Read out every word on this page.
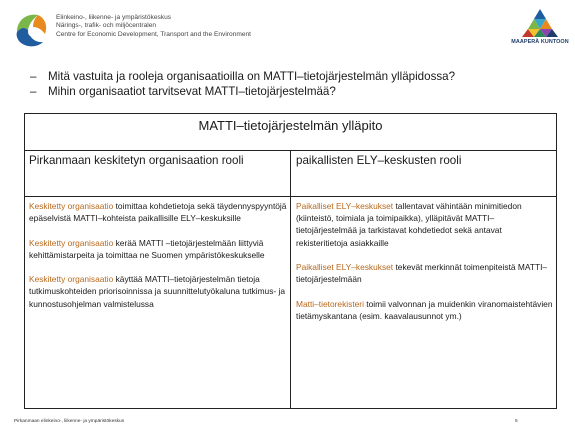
Elinkeino-, liikenne- ja ympäristökeskus
Närings-, trafik- och miljöcentralen
Centre for Economic Development, Transport and the Environment
MAAPERÄ KUNTOON
– Mitä vastuita ja rooleja organisaatioilla on MATTI–tietojärjestelmän ylläpidossa?
– Mihin organisaatiot tarvitsevat MATTI–tietojärjestelmää?
MATTI–tietojärjestelmän ylläpito
Pirkanmaan keskitetyn organisaation rooli	paikallisten ELY–keskusten rooli

Keskitetty organisaatio toimittaa kohdetietoja sekä täydennyspyyntöjä epäselvistä MATTI–kohteista paikallisille ELY–keskuksille

Keskitetty organisaatio kerää MATTI –tietojärjestelmään liittyviä kehittämistarpeita ja toimittaa ne Suomen ympäristökeskukselle

Keskitetty organisaatio käyttää MATTI–tietojärjestelmän tietoja tutkimuskohteiden priorisoinnissa ja suunnittelutyökaluna tutkimus- ja kunnostusohjelman valmistelussa

Paikalliset ELY–keskukset tallentavat vähintään minimitiedon (kiinteistö, toimiala ja toimipaikka), ylläpitävät MATTI–tietojärjestelmää ja tarkistavat kohdetiedot sekä antavat rekisteritietoja asiakkaille

Paikalliset ELY–keskukset tekevät merkinnät toimenpiteistä MATTI–tietojärjestelmään

Matti–tietorekisteri toimii valvonnan ja muidenkin viranomaistehtävien tietämyskantana (esim. kaavalausunnot ym.)

Pirkanmaan elinkeino-, liikenne- ja ympäristökeskus	5
